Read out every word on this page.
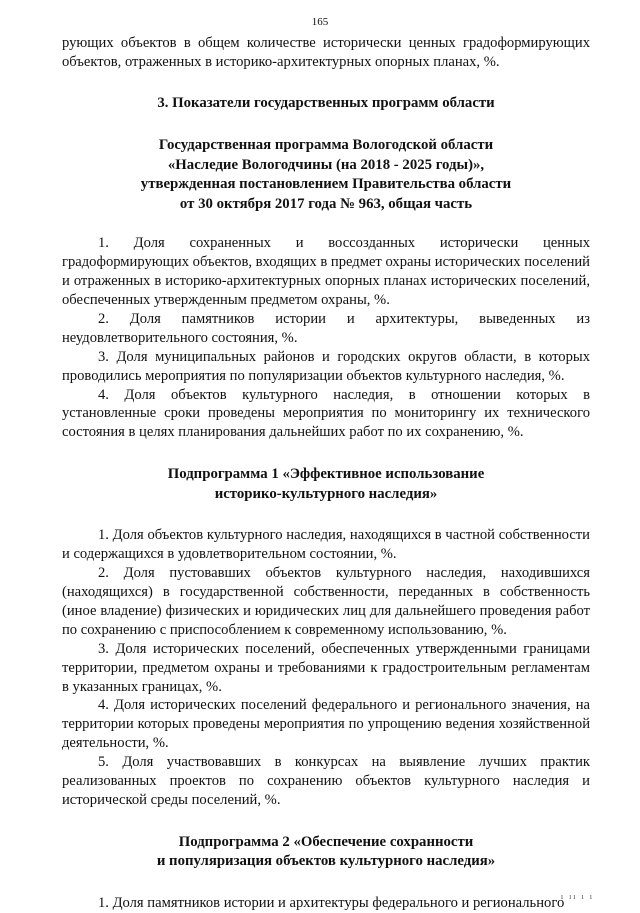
165

рующих объектов в общем количестве исторически ценных градоформирующих объектов, отраженных в историко-архитектурных опорных планах, %.

3. Показатели государственных программ области
Государственная программа Вологодской области
«Наследие Вологодчины (на 2018 - 2025 годы)»,
утвержденная постановлением Правительства области
от 30 октября 2017 года № 963, общая часть

1. Доля сохраненных и воссозданных исторически ценных градоформирующих объектов, входящих в предмет охраны исторических поселений и отраженных в историко-архитектурных опорных планах исторических поселений, обеспеченных утвержденным предметом охраны, %.

2. Доля памятников истории и архитектуры, выведенных из неудовлетворительного состояния, %.

3. Доля муниципальных районов и городских округов области, в которых проводились мероприятия по популяризации объектов культурного наследия, %.

4. Доля объектов культурного наследия, в отношении которых в установленные сроки проведены мероприятия по мониторингу их технического состояния в целях планирования дальнейших работ по их сохранению, %.

Подпрограмма 1 «Эффективное использование
историко-культурного наследия»

1. Доля объектов культурного наследия, находящихся в частной собственности и содержащихся в удовлетворительном состоянии, %.

2. Доля пустовавших объектов культурного наследия, находившихся (находящихся) в государственной собственности, переданных в собственность (иное владение) физических и юридических лиц для дальнейшего проведения работ по сохранению с приспособлением к современному использованию, %.

3. Доля исторических поселений, обеспеченных утвержденными границами территории, предметом охраны и требованиями к градостроительным регламентам в указанных границах, %.

4. Доля исторических поселений федерального и регионального значения, на территории которых проведены мероприятия по упрощению ведения хозяйственной деятельности, %.

5. Доля участвовавших в конкурсах на выявление лучших практик реализованных проектов по сохранению объектов культурного наследия и исторической среды поселений, %.

Подпрограмма 2 «Обеспечение сохранности
и популяризация объектов культурного наследия»

1. Доля памятников истории и архитектуры федерального и регионального

ı ıı ı ı
